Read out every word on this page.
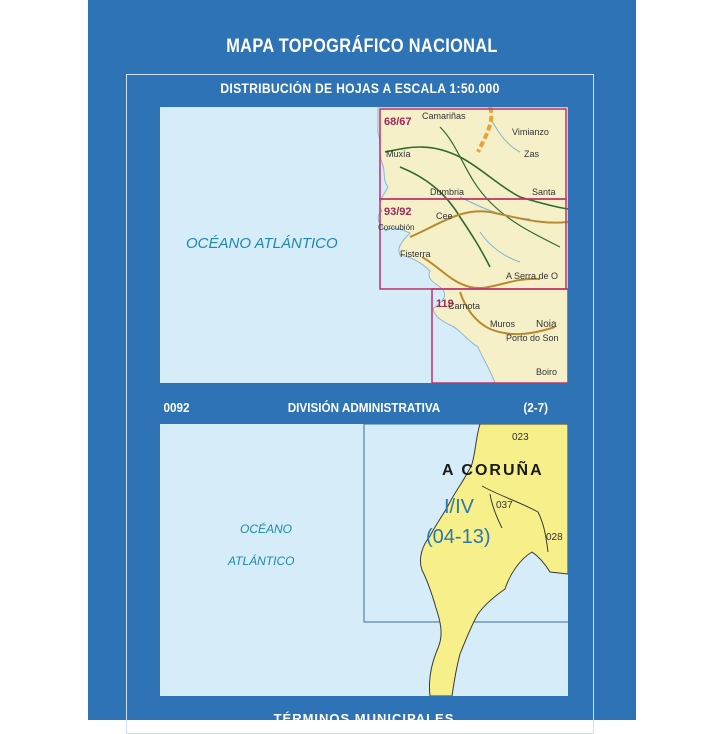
MAPA TOPOGRÁFICO NACIONAL
DISTRIBUCIÓN DE HOJAS A ESCALA 1:50.000
OCÉANO ATLÁNTICO
68/67
93/92
119
Camariñas
Vimianzo
Muxía	Zas
Dumbria	Santa
Cee
Corcubión
Fisterra
A Serra de O
Carnota
Muros Noia
Porto do Son
Boiro
0092	DIVISIÓN ADMINISTRATIVA	(2-7)
OCÉANO
ATLÁNTICO
A CORUÑA
I/IV
(04-13)
023
037
028
TÉRMINOS MUNICIPALES
